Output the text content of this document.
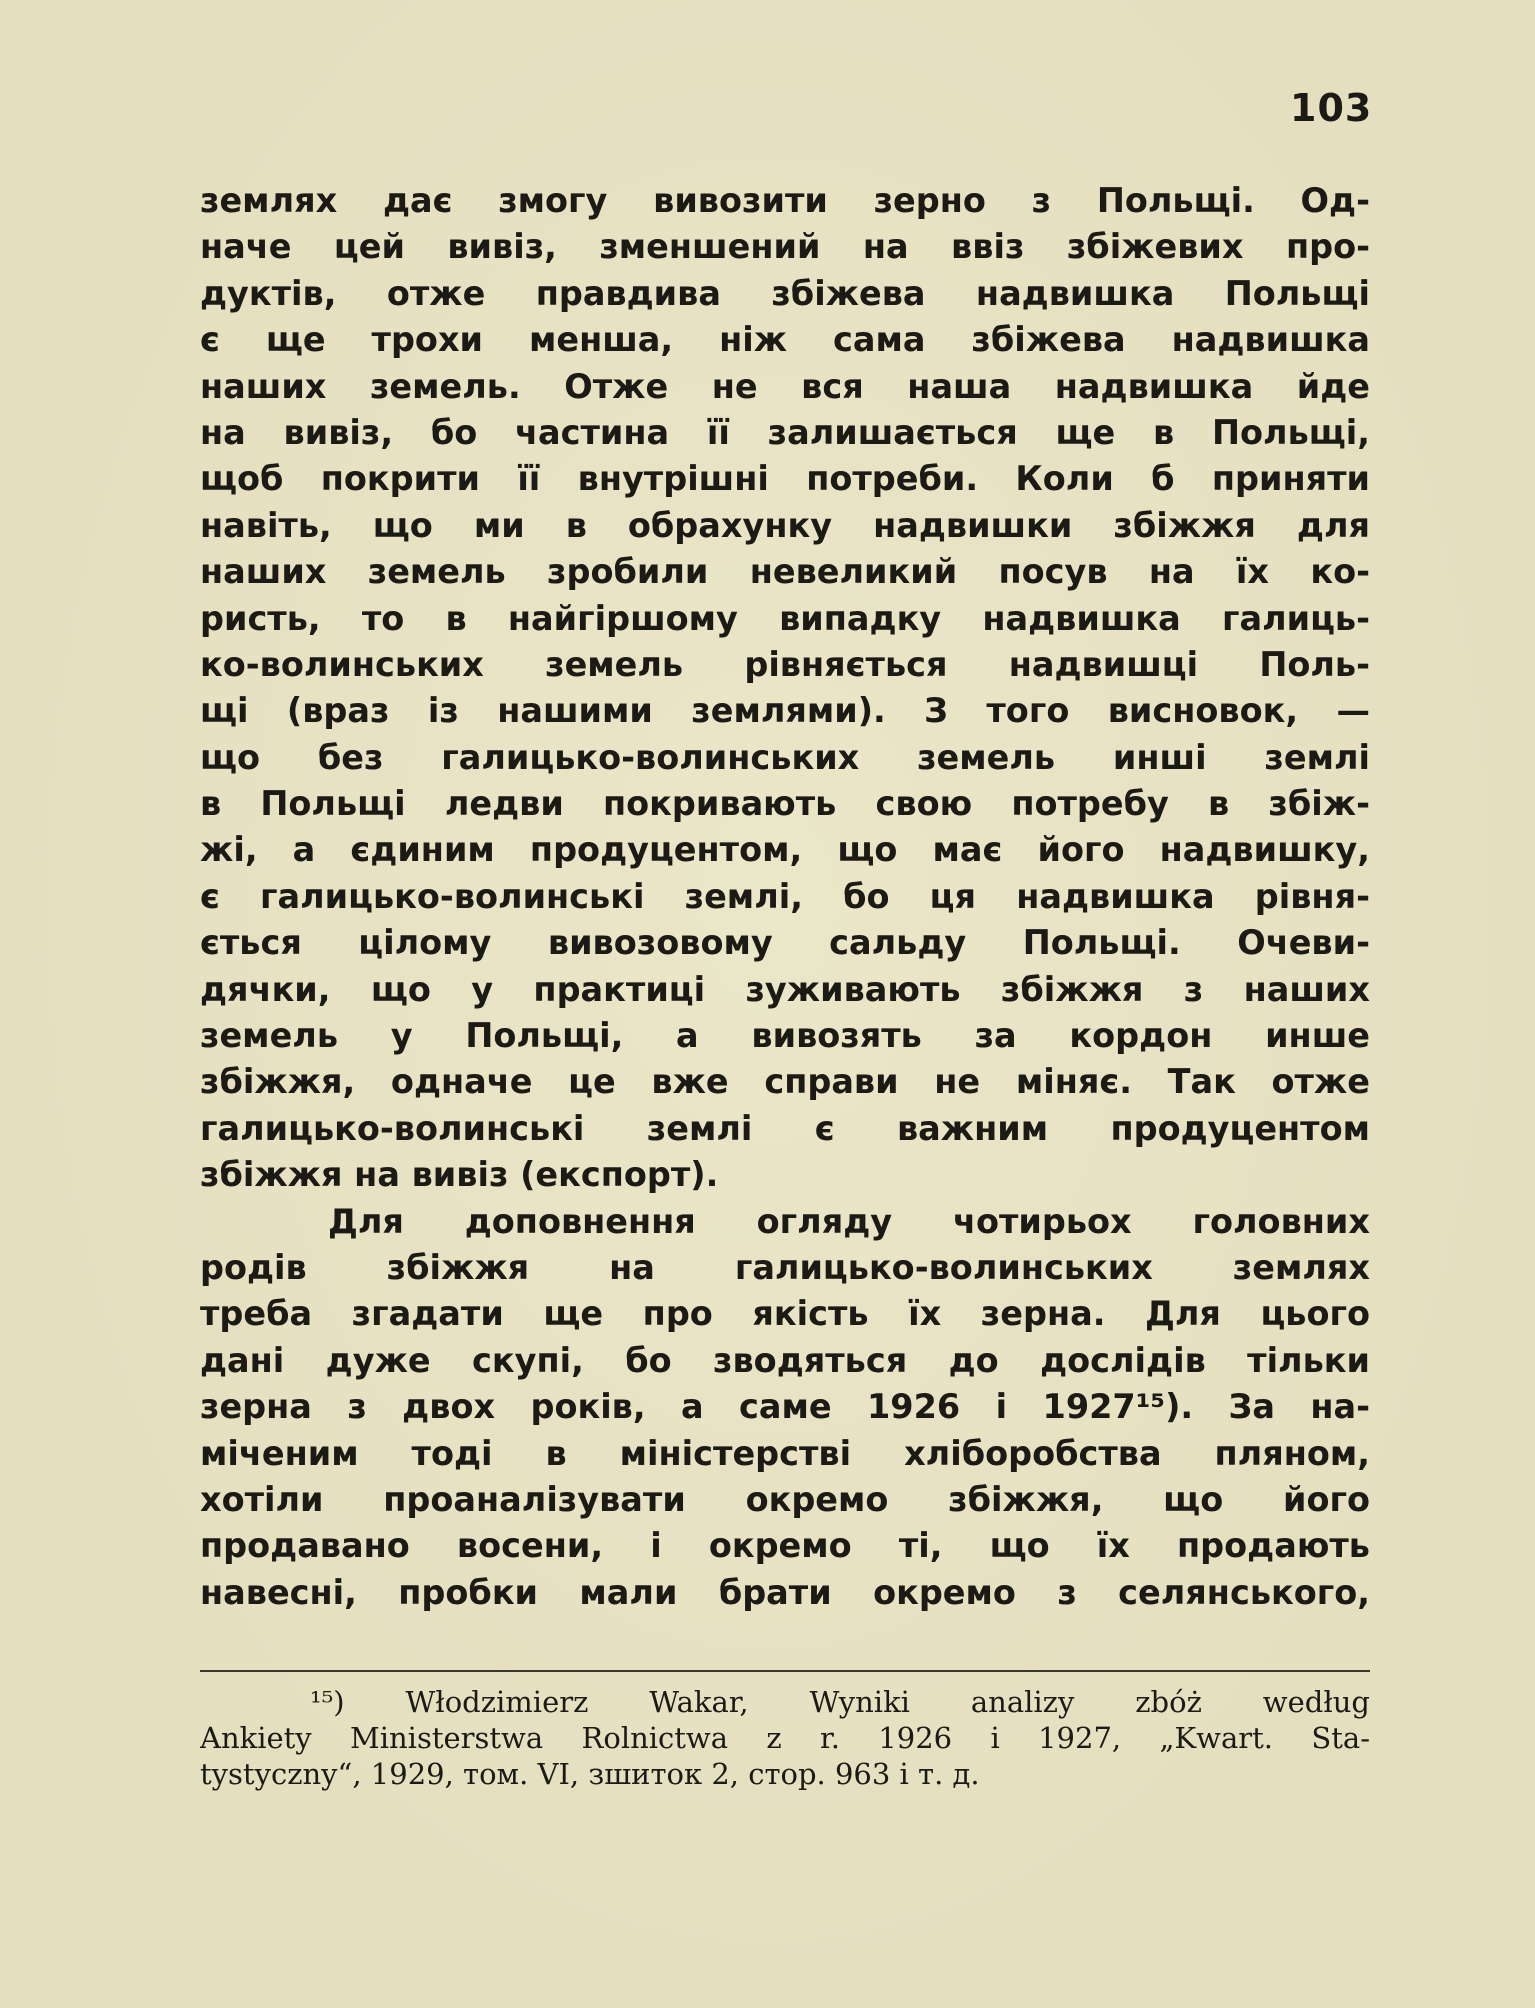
103
землях дає змогу вивозити зерно з Польщі. Од-
наче цей вивіз, зменшений на ввіз збіжевих про-
дуктів, отже правдива збіжева надвишка Польщі
є ще трохи менша, ніж сама збіжева надвишка
наших земель. Отже не вся наша надвишка йде
на вивіз, бо частина її залишається ще в Польщі,
щоб покрити її внутрішні потреби. Коли б приняти
навіть, що ми в обрахунку надвишки збіжжя для
наших земель зробили невеликий посув на їх ко-
ристь, то в найгіршому випадку надвишка галиць-
ко-волинських земель рівняється надвишці Поль-
щі (враз із нашими землями). З того висновок, —
що без галицько-волинських земель инші землі
в Польщі ледви покривають свою потребу в збіж-
жі, а єдиним продуцентом, що має його надвишку,
є галицько-волинські землі, бо ця надвишка рівня-
ється цілому вивозовому сальду Польщі. Очеви-
дячки, що у практиці зуживають збіжжя з наших
земель у Польщі, а вивозять за кордон инше
збіжжя, одначе це вже справи не міняє. Так отже
галицько-волинські землі є важним продуцентом
збіжжя на вивіз (експорт).
Для доповнення огляду чотирьох головних
родів збіжжя на галицько-волинських землях
треба згадати ще про якість їх зерна. Для цього
дані дуже скупі, бо зводяться до дослідів тільки
зерна з двох років, а саме 1926 і 1927¹⁵). За на-
міченим тоді в міністерстві хліборобства пляном,
хотіли проаналізувати окремо збіжжя, що його
продавано восени, і окремо ті, що їх продають
навесні, пробки мали брати окремо з селянського,
¹⁵) Włodzimierz Wakar, Wyniki analizy zbóż według
Ankiety Ministerstwa Rolnictwa z r. 1926 i 1927, „Kwart. Sta-
tystyczny“, 1929, том. VI, зшиток 2, стор. 963 і т. д.
